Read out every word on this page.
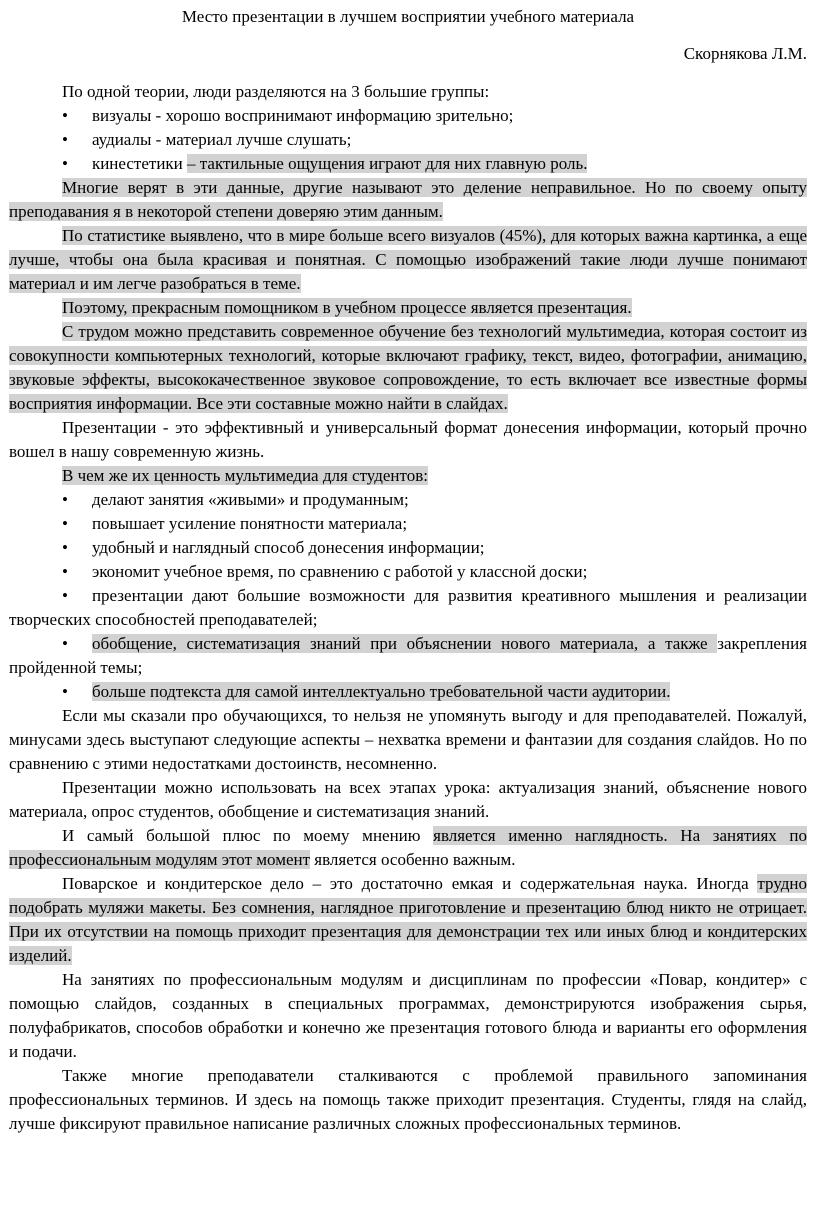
Место презентации в лучшем восприятии учебного материала
Скорнякова Л.М.
По одной теории, люди разделяются на 3 большие группы:
• визуалы - хорошо воспринимают информацию зрительно;
• аудиалы - материал лучше слушать;
• кинестетики – тактильные ощущения играют для них главную роль.
Многие верят в эти данные, другие называют это деление неправильное. Но по своему опыту преподавания я в некоторой степени доверяю этим данным.
По статистике выявлено, что в мире больше всего визуалов (45%), для которых важна картинка, а еще лучше, чтобы она была красивая и понятная. С помощью изображений такие люди лучше понимают материал и им легче разобраться в теме.
Поэтому, прекрасным помощником в учебном процессе является презентация.
С трудом можно представить современное обучение без технологий мультимедиа, которая состоит из совокупности компьютерных технологий, которые включают графику, текст, видео, фотографии, анимацию, звуковые эффекты, высококачественное звуковое сопровождение, то есть включает все известные формы восприятия информации. Все эти составные можно найти в слайдах.
Презентации - это эффективный и универсальный формат донесения информации, который прочно вошел в нашу современную жизнь.
В чем же их ценность мультимедиа для студентов:
• делают занятия «живыми» и продуманным;
• повышает усиление понятности материала;
• удобный и наглядный способ донесения информации;
• экономит учебное время, по сравнению с работой у классной доски;
• презентации дают большие возможности для развития креативного мышления и реализации творческих способностей преподавателей;
• обобщение, систематизация знаний при объяснении нового материала, а также закрепления пройденной темы;
• больше подтекста для самой интеллектуально требовательной части аудитории.
Если мы сказали про обучающихся, то нельзя не упомянуть выгоду и для преподавателей. Пожалуй, минусами здесь выступают следующие аспекты – нехватка времени и фантазии для создания слайдов. Но по сравнению с этими недостатками достоинств, несомненно.
Презентации можно использовать на всех этапах урока: актуализация знаний, объяснение нового материала, опрос студентов, обобщение и систематизация знаний.
И самый большой плюс по моему мнению является именно наглядность. На занятиях по профессиональным модулям этот момент является особенно важным.
Поварское и кондитерское дело – это достаточно емкая и содержательная наука. Иногда трудно подобрать муляжи макеты. Без сомнения, наглядное приготовление и презентацию блюд никто не отрицает. При их отсутствии на помощь приходит презентация для демонстрации тех или иных блюд и кондитерских изделий.
На занятиях по профессиональным модулям и дисциплинам по профессии «Повар, кондитер» с помощью слайдов, созданных в специальных программах, демонстрируются изображения сырья, полуфабрикатов, способов обработки и конечно же презентация готового блюда и варианты его оформления и подачи.
Также многие преподаватели сталкиваются с проблемой правильного запоминания профессиональных терминов. И здесь на помощь также приходит презентация. Студенты, глядя на слайд, лучше фиксируют правильное написание различных сложных профессиональных терминов.
